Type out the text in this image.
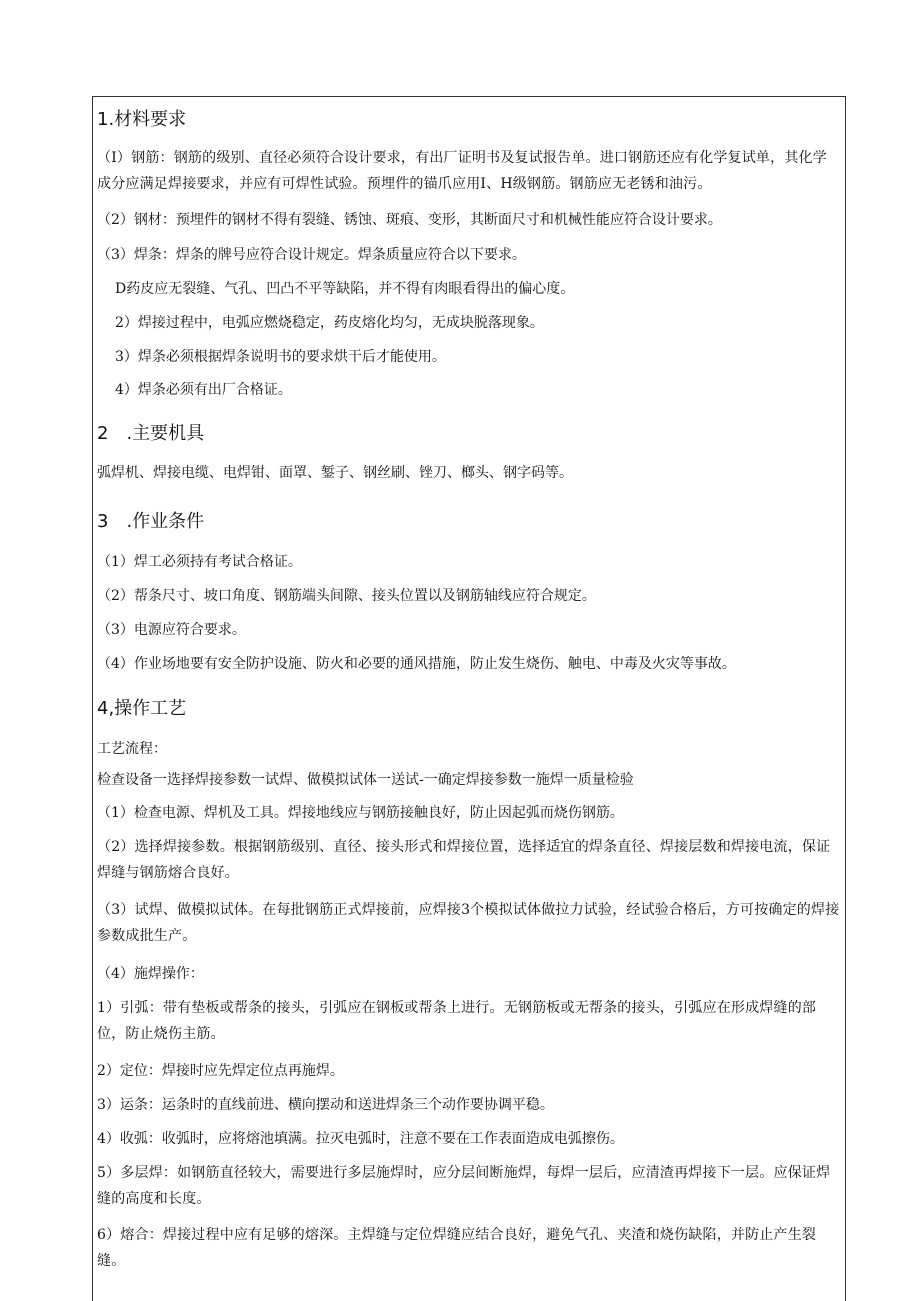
1.材料要求
（I）钢筋：钢筋的级别、直径必须符合设计要求，有出厂证明书及复试报告单。进口钢筋还应有化学复试单，其化学成分应满足焊接要求，并应有可焊性试验。预埋件的锚爪应用I、H级钢筋。钢筋应无老锈和油污。
（2）钢材：预埋件的钢材不得有裂缝、锈蚀、斑痕、变形，其断面尺寸和机械性能应符合设计要求。
（3）焊条：焊条的牌号应符合设计规定。焊条质量应符合以下要求。
D药皮应无裂缝、气孔、凹凸不平等缺陷，并不得有肉眼看得出的偏心度。
2）焊接过程中，电弧应燃烧稳定，药皮熔化均匀，无成块脱落现象。
3）焊条必须根据焊条说明书的要求烘干后才能使用。
4）焊条必须有出厂合格证。
2　.主要机具
弧焊机、焊接电缆、电焊钳、面罩、錾子、钢丝刷、锉刀、榔头、钢字码等。
3　.作业条件
（1）焊工必须持有考试合格证。
（2）帮条尺寸、坡口角度、钢筋端头间隙、接头位置以及钢筋轴线应符合规定。
（3）电源应符合要求。
（4）作业场地要有安全防护设施、防火和必要的通风措施，防止发生烧伤、触电、中毒及火灾等事故。
4,操作工艺
工艺流程：
检查设备一选择焊接参数一试焊、做模拟试体一送试-一确定焊接参数一施焊一质量检验
（1）检查电源、焊机及工具。焊接地线应与钢筋接触良好，防止因起弧而烧伤钢筋。
（2）选择焊接参数。根据钢筋级别、直径、接头形式和焊接位置，选择适宜的焊条直径、焊接层数和焊接电流，保证焊缝与钢筋熔合良好。
（3）试焊、做模拟试体。在每批钢筋正式焊接前，应焊接3个模拟试体做拉力试验，经试验合格后，方可按确定的焊接参数成批生产。
（4）施焊操作：
1）引弧：带有垫板或帮条的接头，引弧应在钢板或帮条上进行。无钢筋板或无帮条的接头，引弧应在形成焊缝的部位，防止烧伤主筋。
2）定位：焊接时应先焊定位点再施焊。
3）运条：运条时的直线前进、横向摆动和送进焊条三个动作要协调平稳。
4）收弧：收弧时，应将熔池填满。拉灭电弧时，注意不要在工作表面造成电弧擦伤。
5）多层焊：如钢筋直径较大，需要进行多层施焊时，应分层间断施焊，每焊一层后，应清渣再焊接下一层。应保证焊缝的高度和长度。
6）熔合：焊接过程中应有足够的熔深。主焊缝与定位焊缝应结合良好，避免气孔、夹渣和烧伤缺陷，并防止产生裂缝。
